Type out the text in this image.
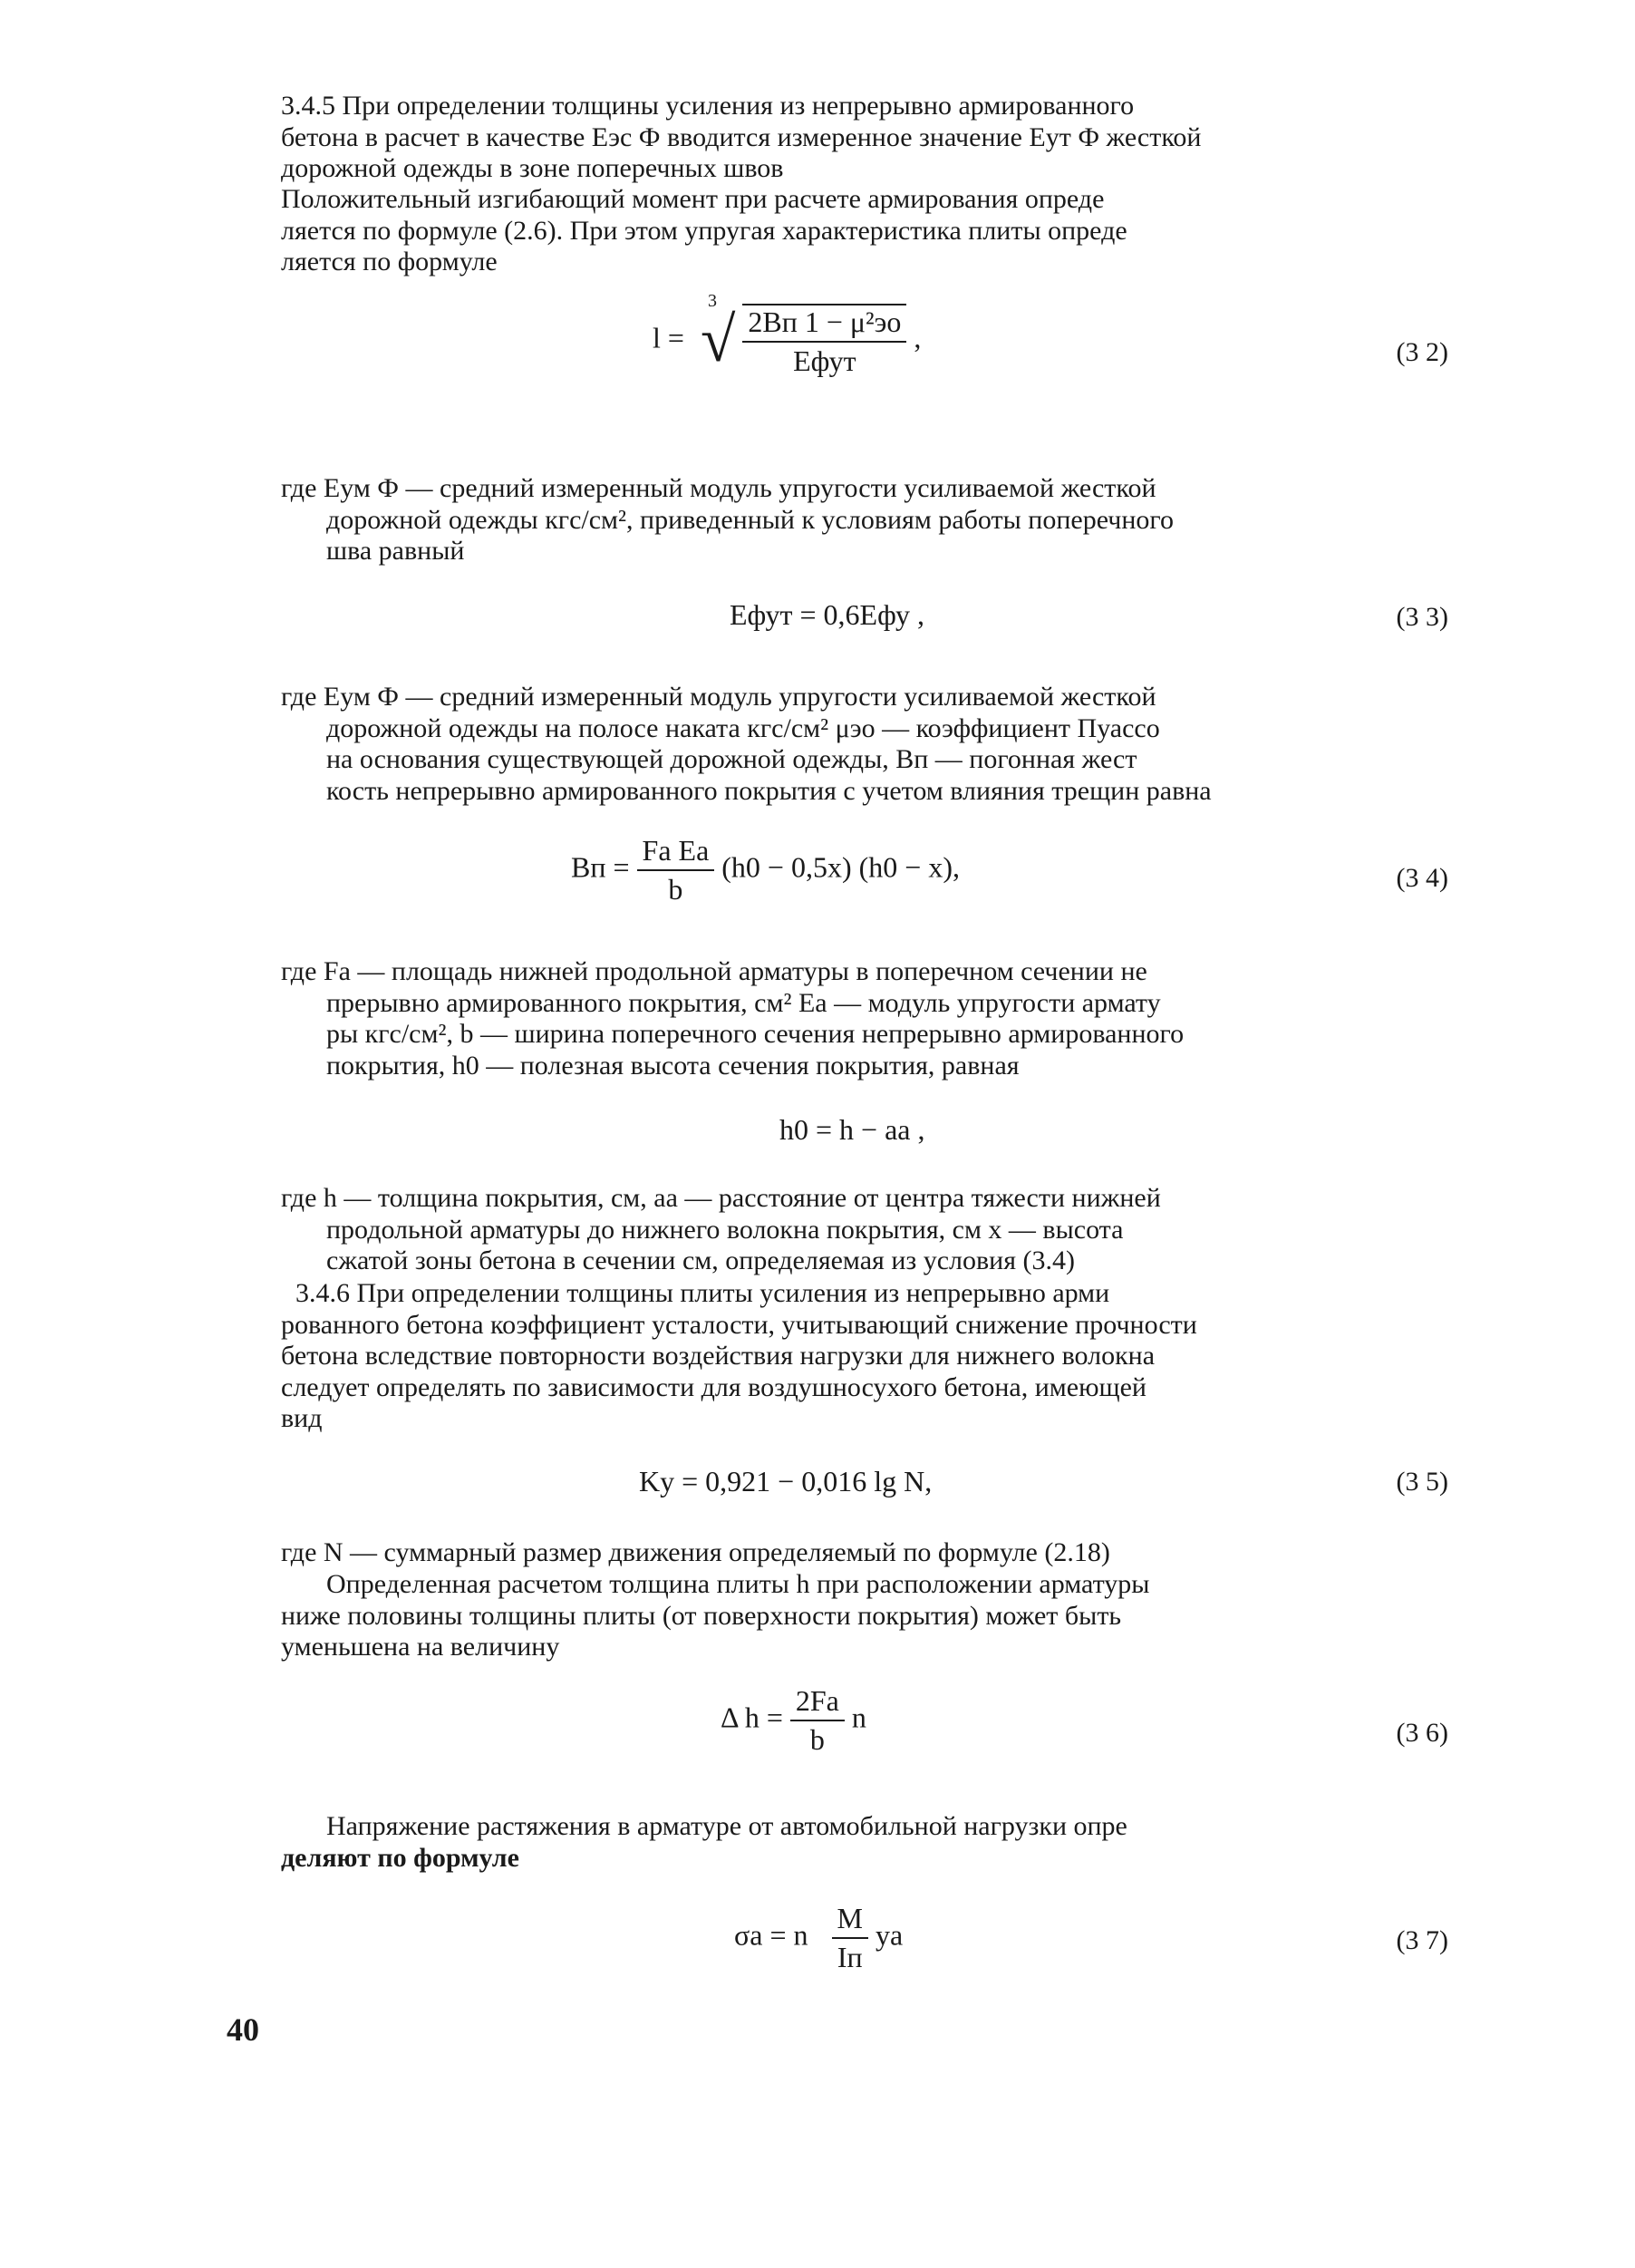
3.4.5 При определении толщины усиления из непрерывно армированного
бетона в расчет в качестве Eэс Ф вводится измеренное значение Eут Ф жесткой
дорожной одежды в зоне поперечных швов
Положительный изгибающий момент при расчете армирования опреде
ляется по формуле (2.6). При этом упругая характеристика плиты опреде
ляется по формуле
l =
3
√ $\frac{\text{2Bп 1 − μ²эо}}{\text{Eфут}}$ ,	(3 2)
где Eум Ф — средний измеренный модуль упругости усиливаемой жесткой
дорожной одежды кгс/см², приведенный к условиям работы поперечного
шва равный
Eфут = 0,6Eфу ,	(3 3)
где Eум Ф — средний измеренный модуль упругости усиливаемой жесткой
дорожной одежды на полосе наката кгс/см² μэо — коэффициент Пуассо
на основания существующей дорожной одежды, Bп — погонная жест
кость непрерывно армированного покрытия с учетом влияния трещин равна
Bп = $\frac{\text{Fа Eа}}{b} (h0 - 0,5x) (h0 - x)$,	(3 4)
где Fа — площадь нижней продольной арматуры в поперечном сечении не
прерывно армированного покрытия, см² Eа — модуль упругости армату
ры кгс/см², b — ширина поперечного сечения непрерывно армированного
покрытия, h0 — полезная высота сечения покрытия, равная
h0 = h − aа ,
где h — толщина покрытия, см, aа — расстояние от центра тяжести нижней
продольной арматуры до нижнего волокна покрытия, см x — высота
сжатой зоны бетона в сечении см, определяемая из условия (3.4)
3.4.6 При определении толщины плиты усиления из непрерывно арми
рованного бетона коэффициент усталости, учитывающий снижение прочности
бетона вследствие повторности воздействия нагрузки для нижнего волокна
следует определять по зависимости для воздушносухого бетона, имеющей
вид
Kу = 0,921 − 0,016 lg N,	(3 5)
где N — суммарный размер движения определяемый по формуле (2.18)
Определенная расчетом толщина плиты h при расположении арматуры
ниже половины толщины плиты (от поверхности покрытия) может быть
уменьшена на величину
Δ $h = \frac{2Fа}{b}$ n	(3 6)
Напряжение растяжения в арматуре от автомобильной нагрузки опре
деляют по формуле
σа = n $\frac{M}{Iп}$ yа	(3 7)
40
